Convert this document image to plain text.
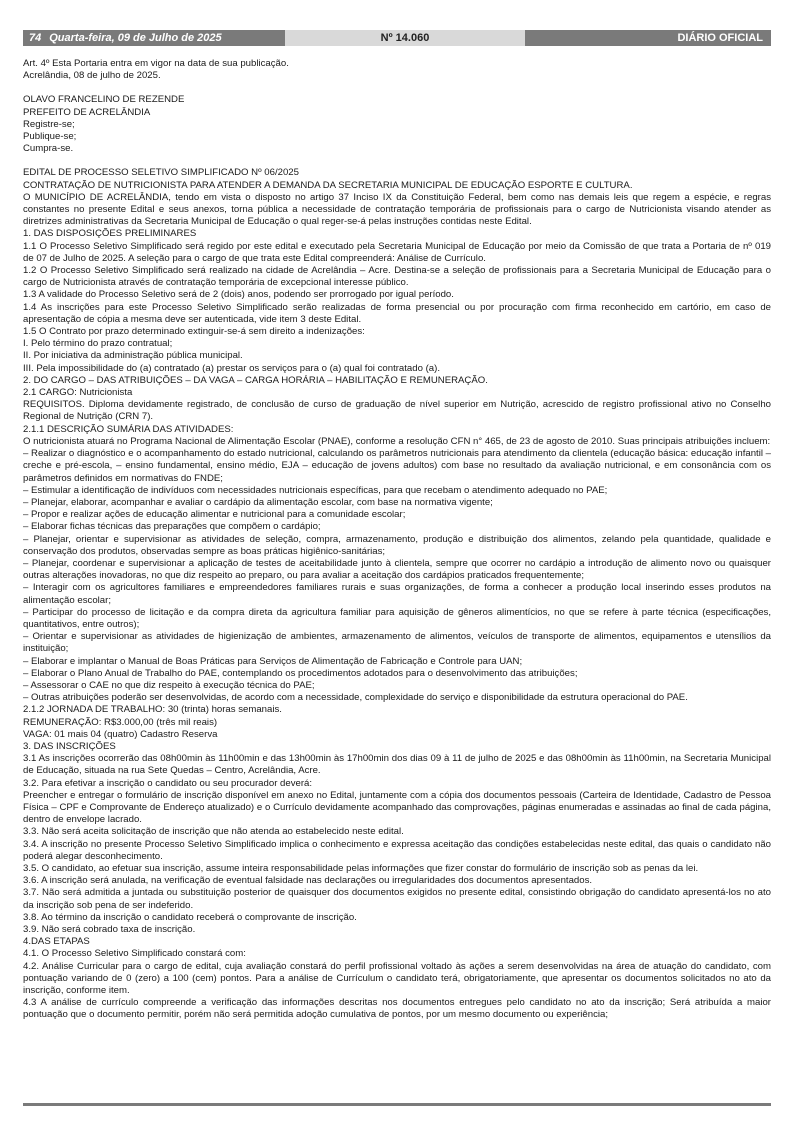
74 Quarta-feira, 09 de Julho de 2025	Nº 14.060	DIÁRIO OFICIAL

Art. 4º Esta Portaria entra em vigor na data de sua publicação.

Acrelândia, 08 de julho de 2025.

OLAVO FRANCELINO DE REZENDE

PREFEITO DE ACRELÂNDIA

Registre-se;

Publique-se;

Cumpra-se.

EDITAL DE PROCESSO SELETIVO SIMPLIFICADO Nº 06/2025

CONTRATAÇÃO DE NUTRICIONISTA PARA ATENDER A DEMANDA DA SECRETARIA MUNICIPAL DE EDUCAÇÃO ESPORTE E CULTURA.

O MUNICÍPIO DE ACRELÂNDIA, tendo em vista o disposto no artigo 37 Inciso IX da Constituição Federal, bem como nas demais leis que regem a espécie, e regras constantes no presente Edital e seus anexos, torna pública a necessidade de contratação temporária de profissionais para o cargo de Nutricionista visando atender as diretrizes administrativas da Secretaria Municipal de Educação o qual reger-se-á pelas instruções contidas neste Edital.

1. DAS DISPOSIÇÕES PRELIMINARES

1.1 O Processo Seletivo Simplificado será regido por este edital e executado pela Secretaria Municipal de Educação por meio da Comissão de que trata a Portaria de nº 019 de 07 de Julho de 2025. A seleção para o cargo de que trata este Edital compreenderá: Análise de Currículo.

1.2 O Processo Seletivo Simplificado será realizado na cidade de Acrelândia – Acre. Destina-se a seleção de profissionais para a Secretaria Municipal de Educação para o cargo de Nutricionista através de contratação temporária de excepcional interesse público.

1.3 A validade do Processo Seletivo será de 2 (dois) anos, podendo ser prorrogado por igual período.

1.4 As inscrições para este Processo Seletivo Simplificado serão realizadas de forma presencial ou por procuração com firma reconhecido em cartório, em caso de apresentação de cópia a mesma deve ser autenticada, vide item 3 deste Edital.

1.5 O Contrato por prazo determinado extinguir-se-á sem direito a indenizações:

I. Pelo término do prazo contratual;

II. Por iniciativa da administração pública municipal.

III. Pela impossibilidade do (a) contratado (a) prestar os serviços para o (a) qual foi contratado (a).

2. DO CARGO – DAS ATRIBUIÇÕES – DA VAGA – CARGA HORÁRIA – HABILITAÇÃO E REMUNERAÇÃO.

2.1 CARGO: Nutricionista

REQUISITOS. Diploma devidamente registrado, de conclusão de curso de graduação de nível superior em Nutrição, acrescido de registro profissional ativo no Conselho Regional de Nutrição (CRN 7).

2.1.1 DESCRIÇÃO SUMÁRIA DAS ATIVIDADES:

O nutricionista atuará no Programa Nacional de Alimentação Escolar (PNAE), conforme a resolução CFN n° 465, de 23 de agosto de 2010. Suas principais atribuições incluem:

– Realizar o diagnóstico e o acompanhamento do estado nutricional, calculando os parâmetros nutricionais para atendimento da clientela (educação básica: educação infantil – creche e pré-escola, – ensino fundamental, ensino médio, EJA – educação de jovens adultos) com base no resultado da avaliação nutricional, e em consonância com os parâmetros definidos em normativas do FNDE;

– Estimular a identificação de indivíduos com necessidades nutricionais específicas, para que recebam o atendimento adequado no PAE;

– Planejar, elaborar, acompanhar e avaliar o cardápio da alimentação escolar, com base na normativa vigente;

– Propor e realizar ações de educação alimentar e nutricional para a comunidade escolar;

– Elaborar fichas técnicas das preparações que compõem o cardápio;

– Planejar, orientar e supervisionar as atividades de seleção, compra, armazenamento, produção e distribuição dos alimentos, zelando pela quantidade, qualidade e conservação dos produtos, observadas sempre as boas práticas higiênico-sanitárias;

– Planejar, coordenar e supervisionar a aplicação de testes de aceitabilidade junto à clientela, sempre que ocorrer no cardápio a introdução de alimento novo ou quaisquer outras alterações inovadoras, no que diz respeito ao preparo, ou para avaliar a aceitação dos cardápios praticados frequentemente;

– Interagir com os agricultores familiares e empreendedores familiares rurais e suas organizações, de forma a conhecer a produção local inserindo esses produtos na alimentação escolar;

– Participar do processo de licitação e da compra direta da agricultura familiar para aquisição de gêneros alimentícios, no que se refere à parte técnica (especificações, quantitativos, entre outros);

– Orientar e supervisionar as atividades de higienização de ambientes, armazenamento de alimentos, veículos de transporte de alimentos, equipamentos e utensílios da instituição;

– Elaborar e implantar o Manual de Boas Práticas para Serviços de Alimentação de Fabricação e Controle para UAN;

– Elaborar o Plano Anual de Trabalho do PAE, contemplando os procedimentos adotados para o desenvolvimento das atribuições;

– Assessorar o CAE no que diz respeito à execução técnica do PAE;

– Outras atribuições poderão ser desenvolvidas, de acordo com a necessidade, complexidade do serviço e disponibilidade da estrutura operacional do PAE.

2.1.2 JORNADA DE TRABALHO: 30 (trinta) horas semanais.

REMUNERAÇÃO: R$3.000,00 (três mil reais)

VAGA: 01 mais 04 (quatro) Cadastro Reserva

3. DAS INSCRIÇÕES

3.1 As inscrições ocorrerão das 08h00min às 11h00min e das 13h00min às 17h00min dos dias 09 à 11 de julho de 2025 e das 08h00min às 11h00min, na Secretaria Municipal de Educação, situada na rua Sete Quedas – Centro, Acrelândia, Acre.

3.2. Para efetivar a inscrição o candidato ou seu procurador deverá:

Preencher e entregar o formulário de inscrição disponível em anexo no Edital, juntamente com a cópia dos documentos pessoais (Carteira de Identidade, Cadastro de Pessoa Física – CPF e Comprovante de Endereço atualizado) e o Currículo devidamente acompanhado das comprovações, páginas enumeradas e assinadas ao final de cada página, dentro de envelope lacrado.

3.3. Não será aceita solicitação de inscrição que não atenda ao estabelecido neste edital.

3.4. A inscrição no presente Processo Seletivo Simplificado implica o conhecimento e expressa aceitação das condições estabelecidas neste edital, das quais o candidato não poderá alegar desconhecimento.

3.5. O candidato, ao efetuar sua inscrição, assume inteira responsabilidade pelas informações que fizer constar do formulário de inscrição sob as penas da lei.

3.6. A inscrição será anulada, na verificação de eventual falsidade nas declarações ou irregularidades dos documentos apresentados.

3.7. Não será admitida a juntada ou substituição posterior de quaisquer dos documentos exigidos no presente edital, consistindo obrigação do candidato apresentá-los no ato da inscrição sob pena de ser indeferido.

3.8. Ao término da inscrição o candidato receberá o comprovante de inscrição.

3.9. Não será cobrado taxa de inscrição.

4.DAS ETAPAS

4.1. O Processo Seletivo Simplificado constará com:

4.2. Análise Curricular para o cargo de edital, cuja avaliação constará do perfil profissional voltado às ações a serem desenvolvidas na área de atuação do candidato, com pontuação variando de 0 (zero) a 100 (cem) pontos. Para a análise de Currículum o candidato terá, obrigatoriamente, que apresentar os documentos solicitados no ato da inscrição, conforme item.

4.3 A análise de currículo compreende a verificação das informações descritas nos documentos entregues pelo candidato no ato da inscrição; Será atribuída a maior pontuação que o documento permitir, porém não será permitida adoção cumulativa de pontos, por um mesmo documento ou experiência;
